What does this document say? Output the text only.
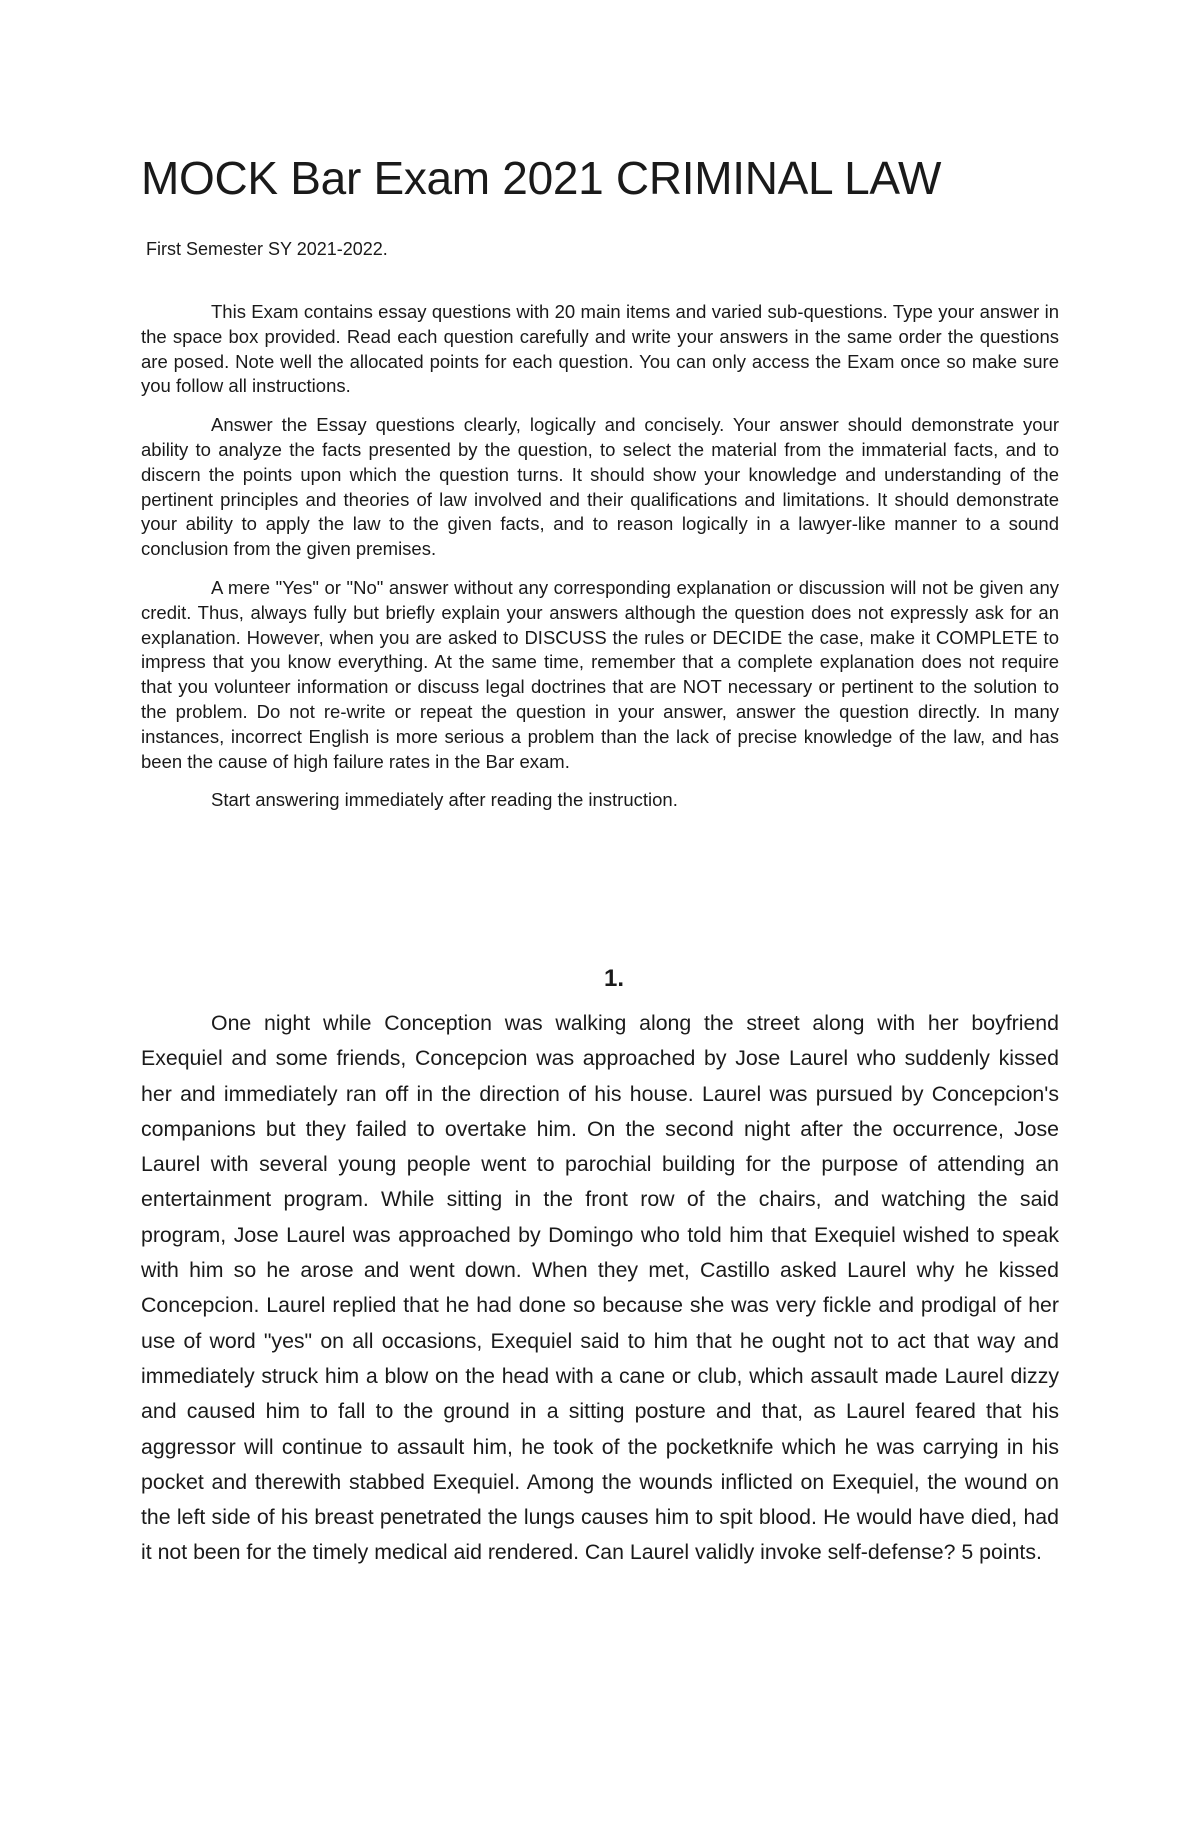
MOCK Bar Exam 2021 CRIMINAL LAW

First Semester SY 2021-2022.

This Exam contains essay questions with 20 main items and varied sub-questions. Type your answer in the space box provided. Read each question carefully and write your answers in the same order the questions are posed. Note well the allocated points for each question. You can only access the Exam once so make sure you follow all instructions.

Answer the Essay questions clearly, logically and concisely. Your answer should demonstrate your ability to analyze the facts presented by the question, to select the material from the immaterial facts, and to discern the points upon which the question turns. It should show your knowledge and understanding of the pertinent principles and theories of law involved and their qualifications and limitations. It should demonstrate your ability to apply the law to the given facts, and to reason logically in a lawyer-like manner to a sound conclusion from the given premises.

A mere "Yes" or "No" answer without any corresponding explanation or discussion will not be given any credit. Thus, always fully but briefly explain your answers although the question does not expressly ask for an explanation. However, when you are asked to DISCUSS the rules or DECIDE the case, make it COMPLETE to impress that you know everything. At the same time, remember that a complete explanation does not require that you volunteer information or discuss legal doctrines that are NOT necessary or pertinent to the solution to the problem. Do not re-write or repeat the question in your answer, answer the question directly. In many instances, incorrect English is more serious a problem than the lack of precise knowledge of the law, and has been the cause of high failure rates in the Bar exam.

Start answering immediately after reading the instruction.

1.

One night while Conception was walking along the street along with her boyfriend Exequiel and some friends, Concepcion was approached by Jose Laurel who suddenly kissed her and immediately ran off in the direction of his house. Laurel was pursued by Concepcion's companions but they failed to overtake him. On the second night after the occurrence, Jose Laurel with several young people went to parochial building for the purpose of attending an entertainment program. While sitting in the front row of the chairs, and watching the said program, Jose Laurel was approached by Domingo who told him that Exequiel wished to speak with him so he arose and went down. When they met, Castillo asked Laurel why he kissed Concepcion. Laurel replied that he had done so because she was very fickle and prodigal of her use of word "yes" on all occasions, Exequiel said to him that he ought not to act that way and immediately struck him a blow on the head with a cane or club, which assault made Laurel dizzy and caused him to fall to the ground in a sitting posture and that, as Laurel feared that his aggressor will continue to assault him, he took of the pocketknife which he was carrying in his pocket and therewith stabbed Exequiel. Among the wounds inflicted on Exequiel, the wound on the left side of his breast penetrated the lungs causes him to spit blood. He would have died, had it not been for the timely medical aid rendered. Can Laurel validly invoke self-defense? 5 points.
